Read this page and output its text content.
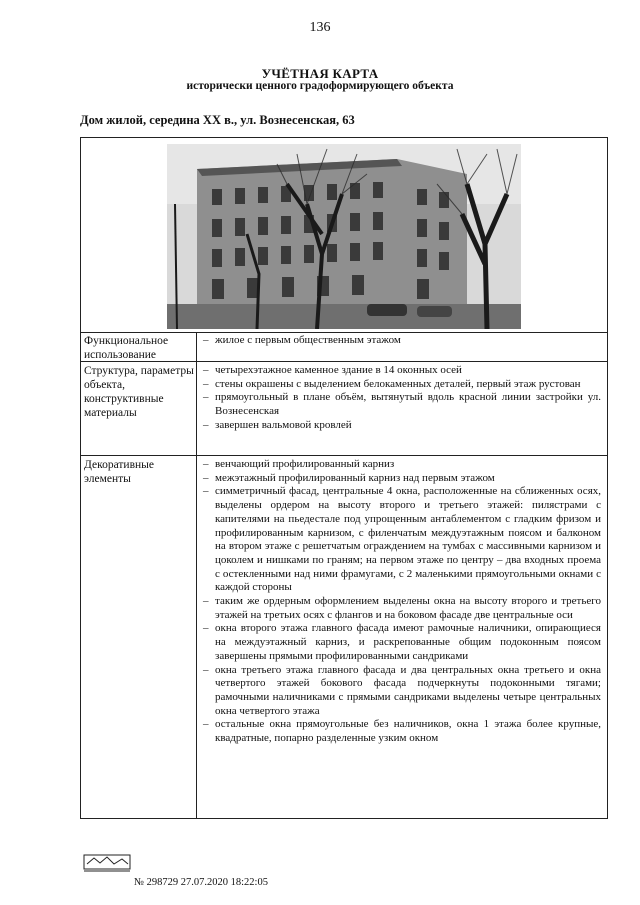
136
УЧЁТНАЯ КАРТА
исторически ценного градоформирующего объекта
Дом жилой, середина XX в., ул. Вознесенская, 63
Функциональное использование
– жилое с первым общественным этажом
Структура, параметры объекта, конструктивные материалы
– четырехэтажное каменное здание в 14 оконных осей
– стены окрашены с выделением белокаменных деталей, первый этаж рустован
– прямоугольный в плане объём, вытянутый вдоль красной линии застройки ул. Вознесенская
– завершен вальмовой кровлей
Декоративные элементы
– венчающий профилированный карниз
– межэтажный профилированный карниз над первым этажом
– симметричный фасад, центральные 4 окна, расположенные на сближенных осях, выделены ордером на высоту второго и третьего этажей: пилястрами с капителями на пьедестале под упрощенным антаблементом с гладким фризом и профилированным карнизом, с филенчатым междуэтажным поясом и балконом на втором этаже с решетчатым ограждением на тумбах с массивными карнизом и цоколем и нишками по граням; на первом этаже по центру – два входных проема с остекленными над ними фрамугами, с 2 маленькими прямоугольными окнами с каждой стороны
– таким же ордерным оформлением выделены окна на высоту второго и третьего этажей на третьих осях с флангов и на боковом фасаде две центральные оси
– окна второго этажа главного фасада имеют рамочные наличники, опирающиеся на междуэтажный карниз, и раскрепованные общим подоконным поясом завершены прямыми профилированными сандриками
– окна третьего этажа главного фасада и два центральных окна третьего и окна четвертого этажей бокового фасада подчеркнуты подоконными тягами; рамочными наличниками с прямыми сандриками выделены четыре центральных окна четвертого этажа
– остальные окна прямоугольные без наличников, окна 1 этажа более крупные, квадратные, попарно разделенные узким окном
№ 298729 27.07.2020 18:22:05
